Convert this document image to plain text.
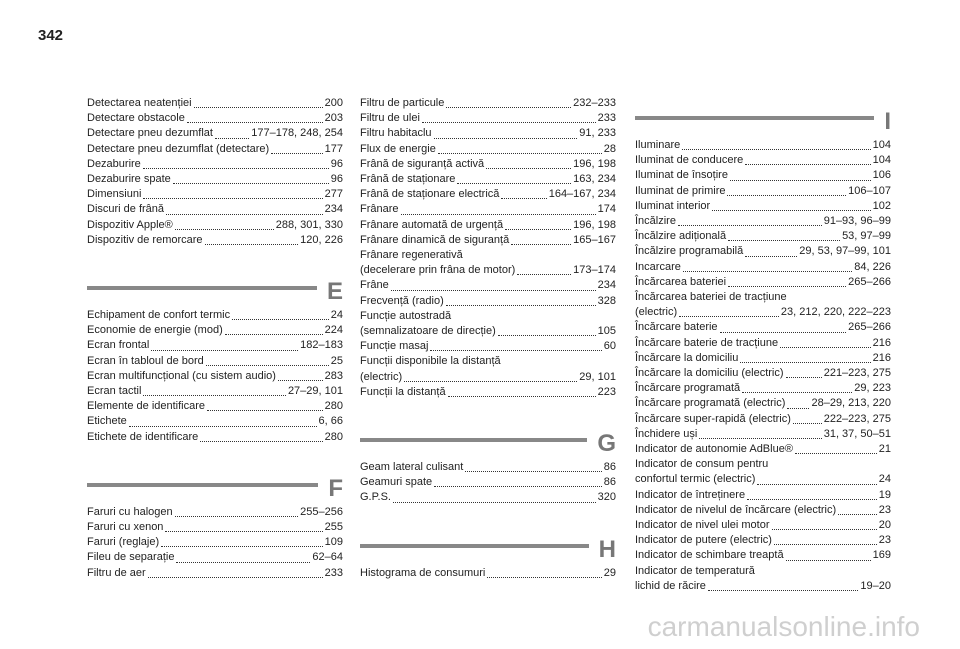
342
Detectarea neatenției	200
Detectare obstacole	203
Detectare pneu dezumflat	177–178, 248, 254
Detectare pneu dezumflat (detectare)	177
Dezaburire	96
Dezaburire spate	96
Dimensiuni	277
Discuri de frână	234
Dispozitiv Apple®	288, 301, 330
Dispozitiv de remorcare	120, 226
E
Echipament de confort termic	24
Economie de energie (mod)	224
Ecran frontal	182–183
Ecran în tabloul de bord	25
Ecran multifuncțional (cu sistem audio)	283
Ecran tactil	27–29, 101
Elemente de identificare	280
Etichete	6, 66
Etichete de identificare	280
F
Faruri cu halogen	255–256
Faruri cu xenon	255
Faruri (reglaje)	109
Fileu de separație	62–64
Filtru de aer	233
Filtru de particule	232–233
Filtru de ulei	233
Filtru habitaclu	91, 233
Flux de energie	28
Frână de siguranță activă	196, 198
Frână de staționare	163, 234
Frână de staționare electrică	164–167, 234
Frânare	174
Frânare automată de urgență	196, 198
Frânare dinamică de siguranță	165–167
Frânare regenerativă
(decelerare prin frâna de motor)	173–174
Frâne	234
Frecvență (radio)	328
Funcție autostradă
(semnalizatoare de direcție)	105
Funcție masaj	60
Funcții disponibile la distanță
(electric)	29, 101
Funcții la distanță	223
G
Geam lateral culisant	86
Geamuri spate	86
G.P.S.	320
H
Histograma de consumuri	29
I
Iluminare	104
Iluminat de conducere	104
Iluminat de însoțire	106
Iluminat de primire	106–107
Iluminat interior	102
Încălzire	91–93, 96–99
Încălzire adițională	53, 97–99
Încălzire programabilă	29, 53, 97–99, 101
Incarcare	84, 226
Încărcarea bateriei	265–266
Încărcarea bateriei de tracțiune
(electric)	23, 212, 220, 222–223
Încărcare baterie	265–266
Încărcare baterie de tracțiune	216
Încărcare la domiciliu	216
Încărcare la domiciliu (electric)	221–223, 275
Încărcare programată	29, 223
Încărcare programată (electric) 28–29, 213, 220
Încărcare super-rapidă (electric)	222–223, 275
Închidere uși	31, 37, 50–51
Indicator de autonomie AdBlue®	21
Indicator de consum pentru
confortul termic (electric)	24
Indicator de întreținere	19
Indicator de nivelul de încărcare (electric)	23
Indicator de nivel ulei motor	20
Indicator de putere (electric)	23
Indicator de schimbare treaptă	169
Indicator de temperatură
lichid de răcire	19–20
carmanualsonline.info
